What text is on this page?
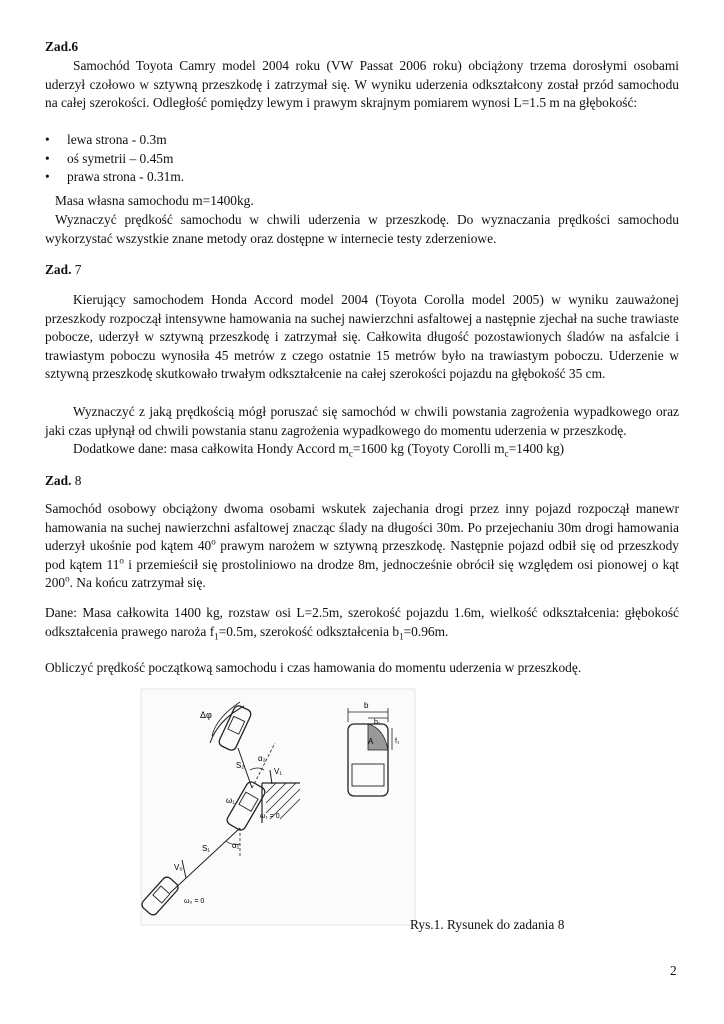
Zad.6
Samochód Toyota Camry model 2004 roku (VW Passat 2006 roku) obciążony trzema dorosłymi osobami uderzył czołowo w sztywną przeszkodę i zatrzymał się. W wyniku uderzenia odkształcony został przód samochodu na całej szerokości. Odległość pomiędzy lewym i prawym skrajnym pomiarem wynosi L=1.5 m na głębokość:
• lewa strona - 0.3m
• oś symetrii – 0.45m
• prawa strona - 0.31m.
Masa własna samochodu m=1400kg.
Wyznaczyć prędkość samochodu w chwili uderzenia w przeszkodę. Do wyznaczania prędkości samochodu wykorzystać wszystkie znane metody oraz dostępne w internecie testy zderzeniowe.
Zad. 7
Kierujący samochodem Honda Accord model 2004 (Toyota Corolla model 2005) w wyniku zauważonej przeszkody rozpoczął intensywne hamowania na suchej nawierzchni asfaltowej a następnie zjechał na suche trawiaste pobocze, uderzył w sztywną przeszkodę i zatrzymał się. Całkowita długość pozostawionych śladów na asfalcie i trawiastym poboczu wynosiła 45 metrów z czego ostatnie 15 metrów było na trawiastym poboczu. Uderzenie w sztywną przeszkodę skutkowało trwałym odkształcenie na całej szerokości pojazdu na głębokość 35 cm.
Wyznaczyć z jaką prędkością mógł poruszać się samochód w chwili powstania zagrożenia wypadkowego oraz jaki czas upłynął od chwili powstania stanu zagrożenia wypadkowego do momentu uderzenia w przeszkodę.
Dodatkowe dane: masa całkowita Hondy Accord $m_c=1600$ kg (Toyoty Corolli $m_c=1400$ kg)
Zad. 8
Samochód osobowy obciążony dwoma osobami wskutek zajechania drogi przez inny pojazd rozpoczął manewr hamowania na suchej nawierzchni asfaltowej znacząc ślady na długości 30m. Po przejechaniu 30m drogi hamowania uderzył ukośnie pod kątem 40$^o$ prawym narożem w sztywną przeszkodę. Następnie pojazd odbił się od przeszkody pod kątem 11$^o$ i przemieścił się prostoliniowo na drodze 8m, jednocześnie obrócił się względem osi pionowej o kąt 200$^o$. Na końcu zatrzymał się.
Dane: Masa całkowita 1400 kg, rozstaw osi L=2.5m, szerokość pojazdu 1.6m, wielkość odkształcenia: głębokość odkształcenia prawego naroża $f_1=0.5m$, szerokość odkształcenia $b_1=0.96m$.
Obliczyć prędkość początkową samochodu i czas hamowania do momentu uderzenia w przeszkodę.
Δφ
S₂
α₂
V₁
ω₁
ω₁ = 0
S₁	α₁
V₀
ω₀ = 0
b
b₁
A	f₁
Rys.1. Rysunek do zadania 8
2
